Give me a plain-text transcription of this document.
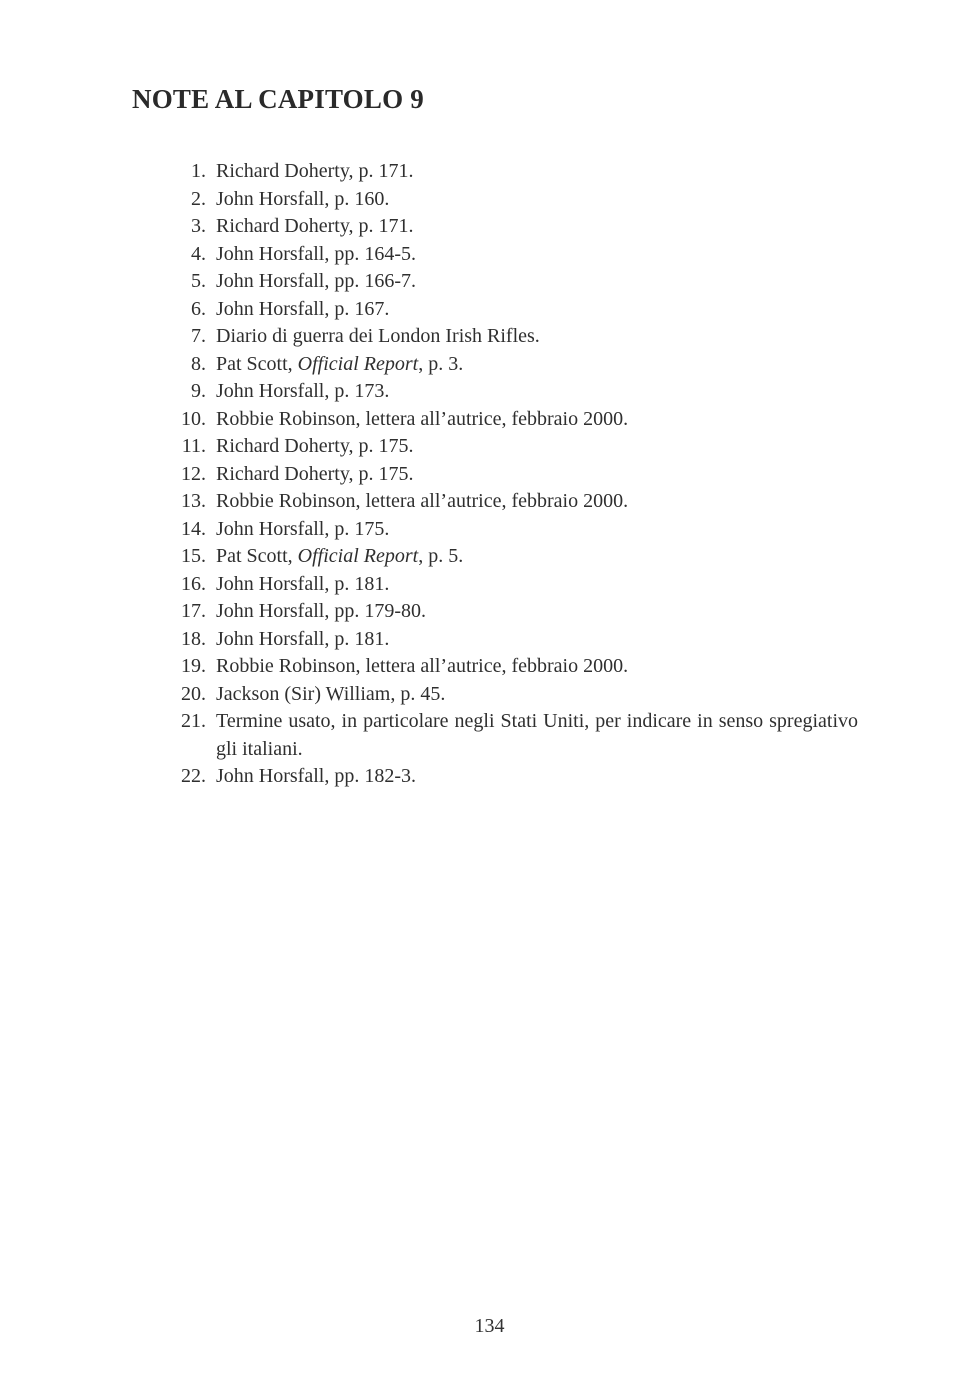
NOTE AL CAPITOLO 9
1. Richard Doherty, p. 171.
2. John Horsfall, p. 160.
3. Richard Doherty, p. 171.
4. John Horsfall, pp. 164-5.
5. John Horsfall, pp. 166-7.
6. John Horsfall, p. 167.
7. Diario di guerra dei London Irish Rifles.
8. Pat Scott, Official Report, p. 3.
9. John Horsfall, p. 173.
10. Robbie Robinson, lettera all’autrice, febbraio 2000.
11. Richard Doherty, p. 175.
12. Richard Doherty, p. 175.
13. Robbie Robinson, lettera all’autrice, febbraio 2000.
14. John Horsfall, p. 175.
15. Pat Scott, Official Report, p. 5.
16. John Horsfall, p. 181.
17. John Horsfall, pp. 179-80.
18. John Horsfall, p. 181.
19. Robbie Robinson, lettera all’autrice, febbraio 2000.
20. Jackson (Sir) William, p. 45.
21. Termine usato, in particolare negli Stati Uniti, per indicare in senso spregiativo gli italiani.
22. John Horsfall, pp. 182-3.
134
